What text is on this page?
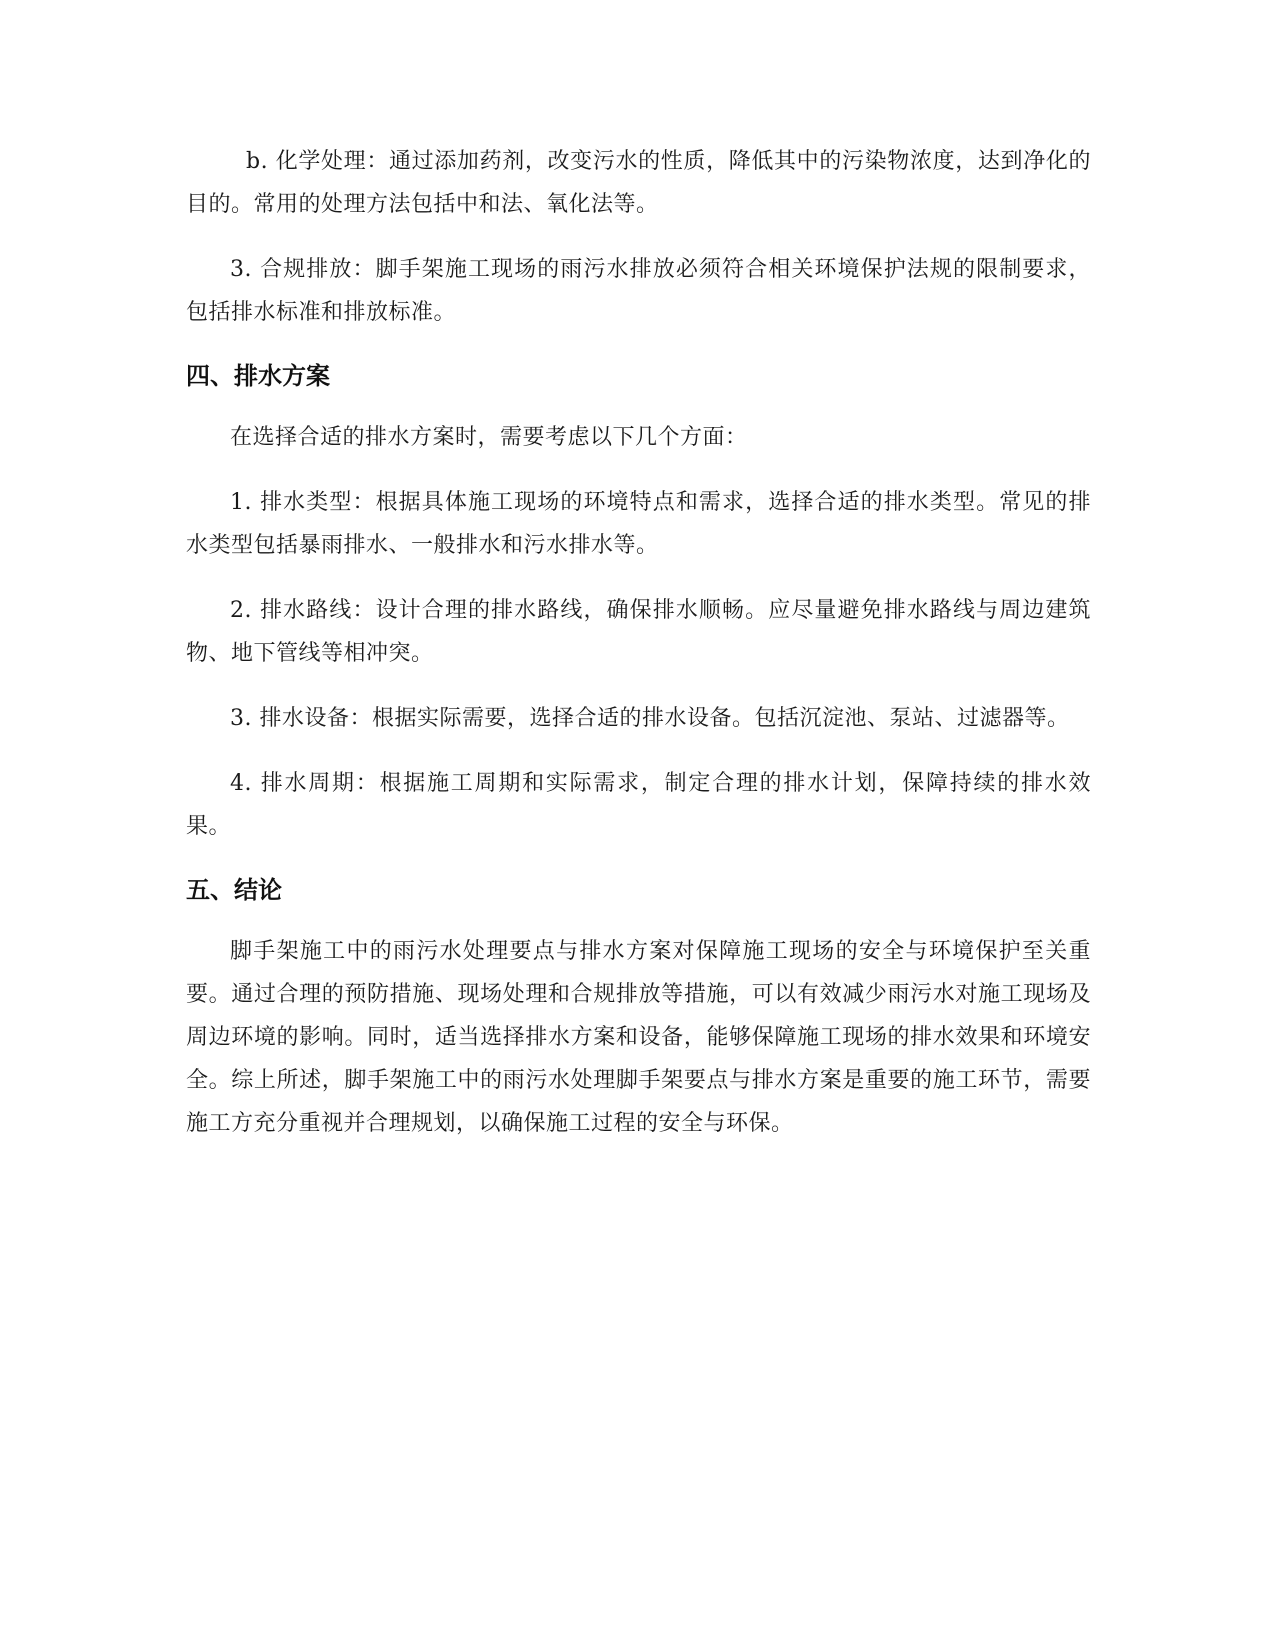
b. 化学处理：通过添加药剂，改变污水的性质，降低其中的污染物浓度，达到净化的目的。常用的处理方法包括中和法、氧化法等。

3. 合规排放：脚手架施工现场的雨污水排放必须符合相关环境保护法规的限制要求，包括排水标准和排放标准。

四、排水方案

在选择合适的排水方案时，需要考虑以下几个方面：

1. 排水类型：根据具体施工现场的环境特点和需求，选择合适的排水类型。常见的排水类型包括暴雨排水、一般排水和污水排水等。

2. 排水路线：设计合理的排水路线，确保排水顺畅。应尽量避免排水路线与周边建筑物、地下管线等相冲突。

3. 排水设备：根据实际需要，选择合适的排水设备。包括沉淀池、泵站、过滤器等。

4. 排水周期：根据施工周期和实际需求，制定合理的排水计划，保障持续的排水效果。

五、结论

脚手架施工中的雨污水处理要点与排水方案对保障施工现场的安全与环境保护至关重要。通过合理的预防措施、现场处理和合规排放等措施，可以有效减少雨污水对施工现场及周边环境的影响。同时，适当选择排水方案和设备，能够保障施工现场的排水效果和环境安全。综上所述，脚手架施工中的雨污水处理脚手架要点与排水方案是重要的施工环节，需要施工方充分重视并合理规划，以确保施工过程的安全与环保。
